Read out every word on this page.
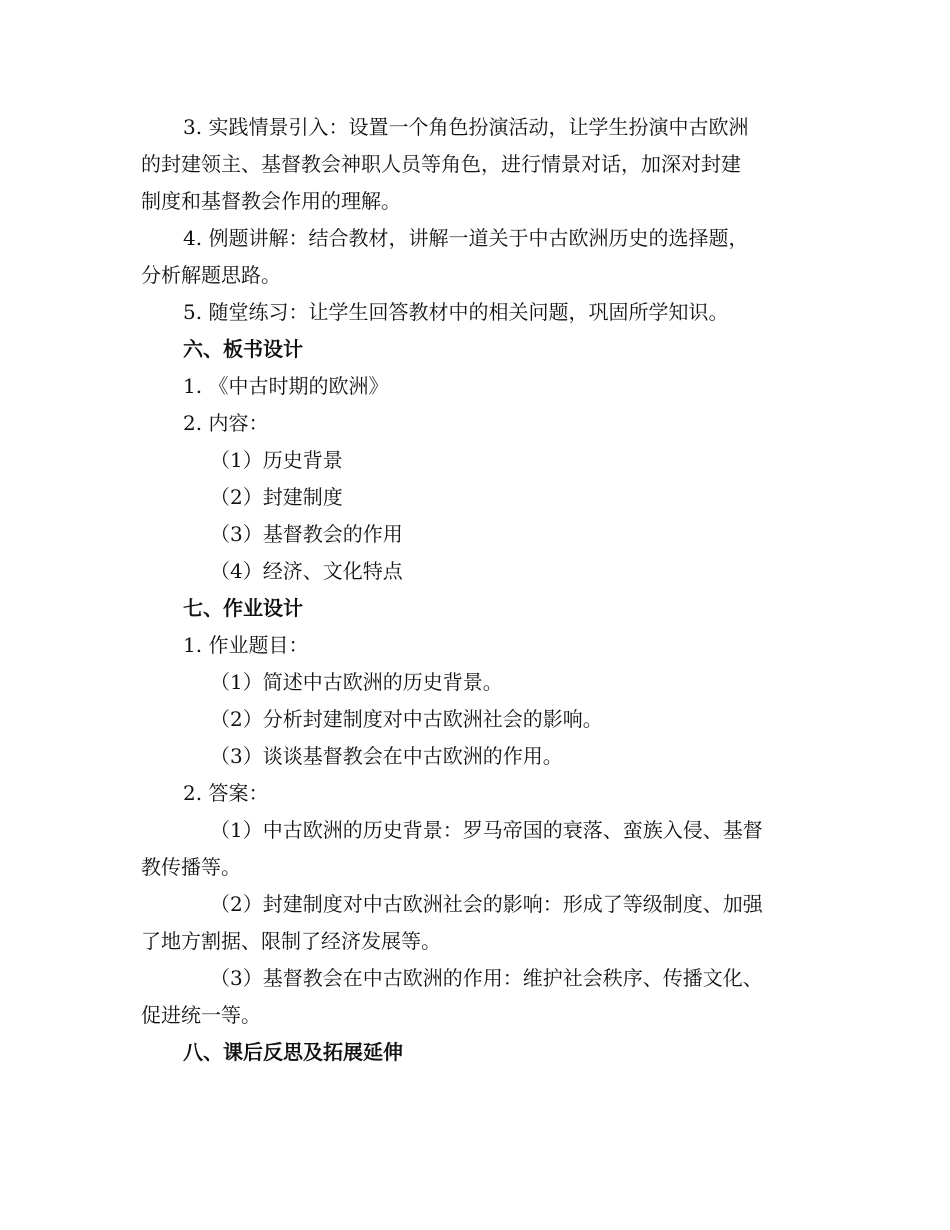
3. 实践情景引入：设置一个角色扮演活动，让学生扮演中古欧洲
的封建领主、基督教会神职人员等角色，进行情景对话，加深对封建
制度和基督教会作用的理解。
4. 例题讲解：结合教材，讲解一道关于中古欧洲历史的选择题，
分析解题思路。
5. 随堂练习：让学生回答教材中的相关问题，巩固所学知识。
六、板书设计
1. 《中古时期的欧洲》
2. 内容：
（1）历史背景
（2）封建制度
（3）基督教会的作用
（4）经济、文化特点
七、作业设计
1. 作业题目：
（1）简述中古欧洲的历史背景。
（2）分析封建制度对中古欧洲社会的影响。
（3）谈谈基督教会在中古欧洲的作用。
2. 答案：
（1）中古欧洲的历史背景：罗马帝国的衰落、蛮族入侵、基督
教传播等。
（2）封建制度对中古欧洲社会的影响：形成了等级制度、加强
了地方割据、限制了经济发展等。
（3）基督教会在中古欧洲的作用：维护社会秩序、传播文化、
促进统一等。
八、课后反思及拓展延伸
